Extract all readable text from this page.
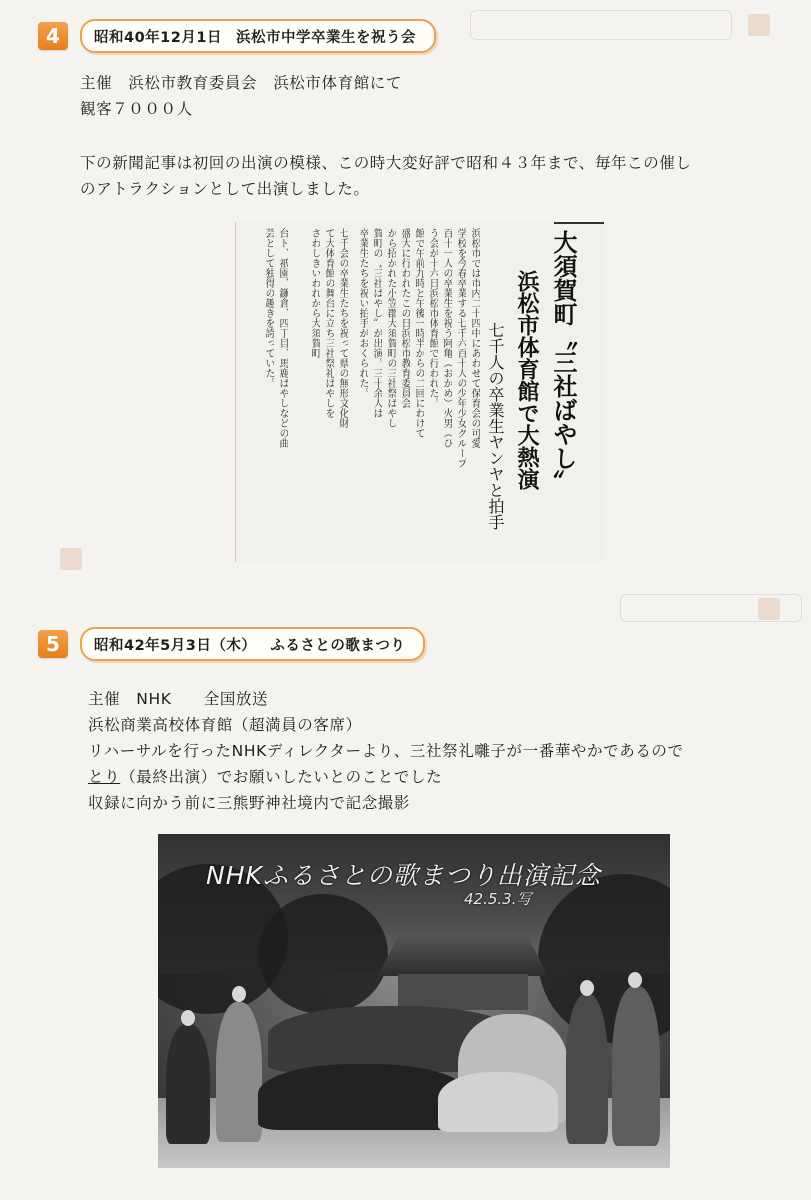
4	昭和40年12月1日 浜松市中学卒業生を祝う会

主催　浜松市教育委員会　浜松市体育館にて

観客７０００人

下の新聞記事は初回の出演の模様、この時大変好評で昭和４３年まで、毎年この催し

のアトラクションとして出演しました。

大須賀町〝三社ばやし〟
浜松市体育館で大熱演
七千人の卒業生ヤンヤと拍手
浜松市では市内二十四中にあわせて保育会の可愛
学校を今春卒業する七千六百十人の少年少女グループ
百十一人の卒業生を祝う阿亀（おかめ）火男（ひ
う会が十六日浜松市体育館で行われた。
館で午前九時と午後一時半からの二回にわけて
盛大に行われたこの日浜松市教育委員会
から招かれた小笠郡大須賀町の三社祭ばやし
賀町の〝三社ばやし〟が出演。三十余人は
卒業生たちを祝い拍手がおくられた。
七千会の卒業生たちを祝って県の無形文化財
て大体育館の舞台に立ち三社祭礼ばやしを
さわしきいわれから大須賀町
台ト、祇園、鎌倉、四丁目、馬鹿ばやしなどの曲
芸として独得の趣きを誇っていた。
5	昭和42年5月3日（木） ふるさとの歌まつり

主催　NHK　　全国放送

浜松商業高校体育館（超満員の客席）

リハーサルを行ったNHKディレクターより、三社祭礼囃子が一番華やかであるので

とり（最終出演）でお願いしたいとのことでした

収録に向かう前に三熊野神社境内で記念撮影

NHKふるさとの歌まつり出演記念
42.5.3.写
